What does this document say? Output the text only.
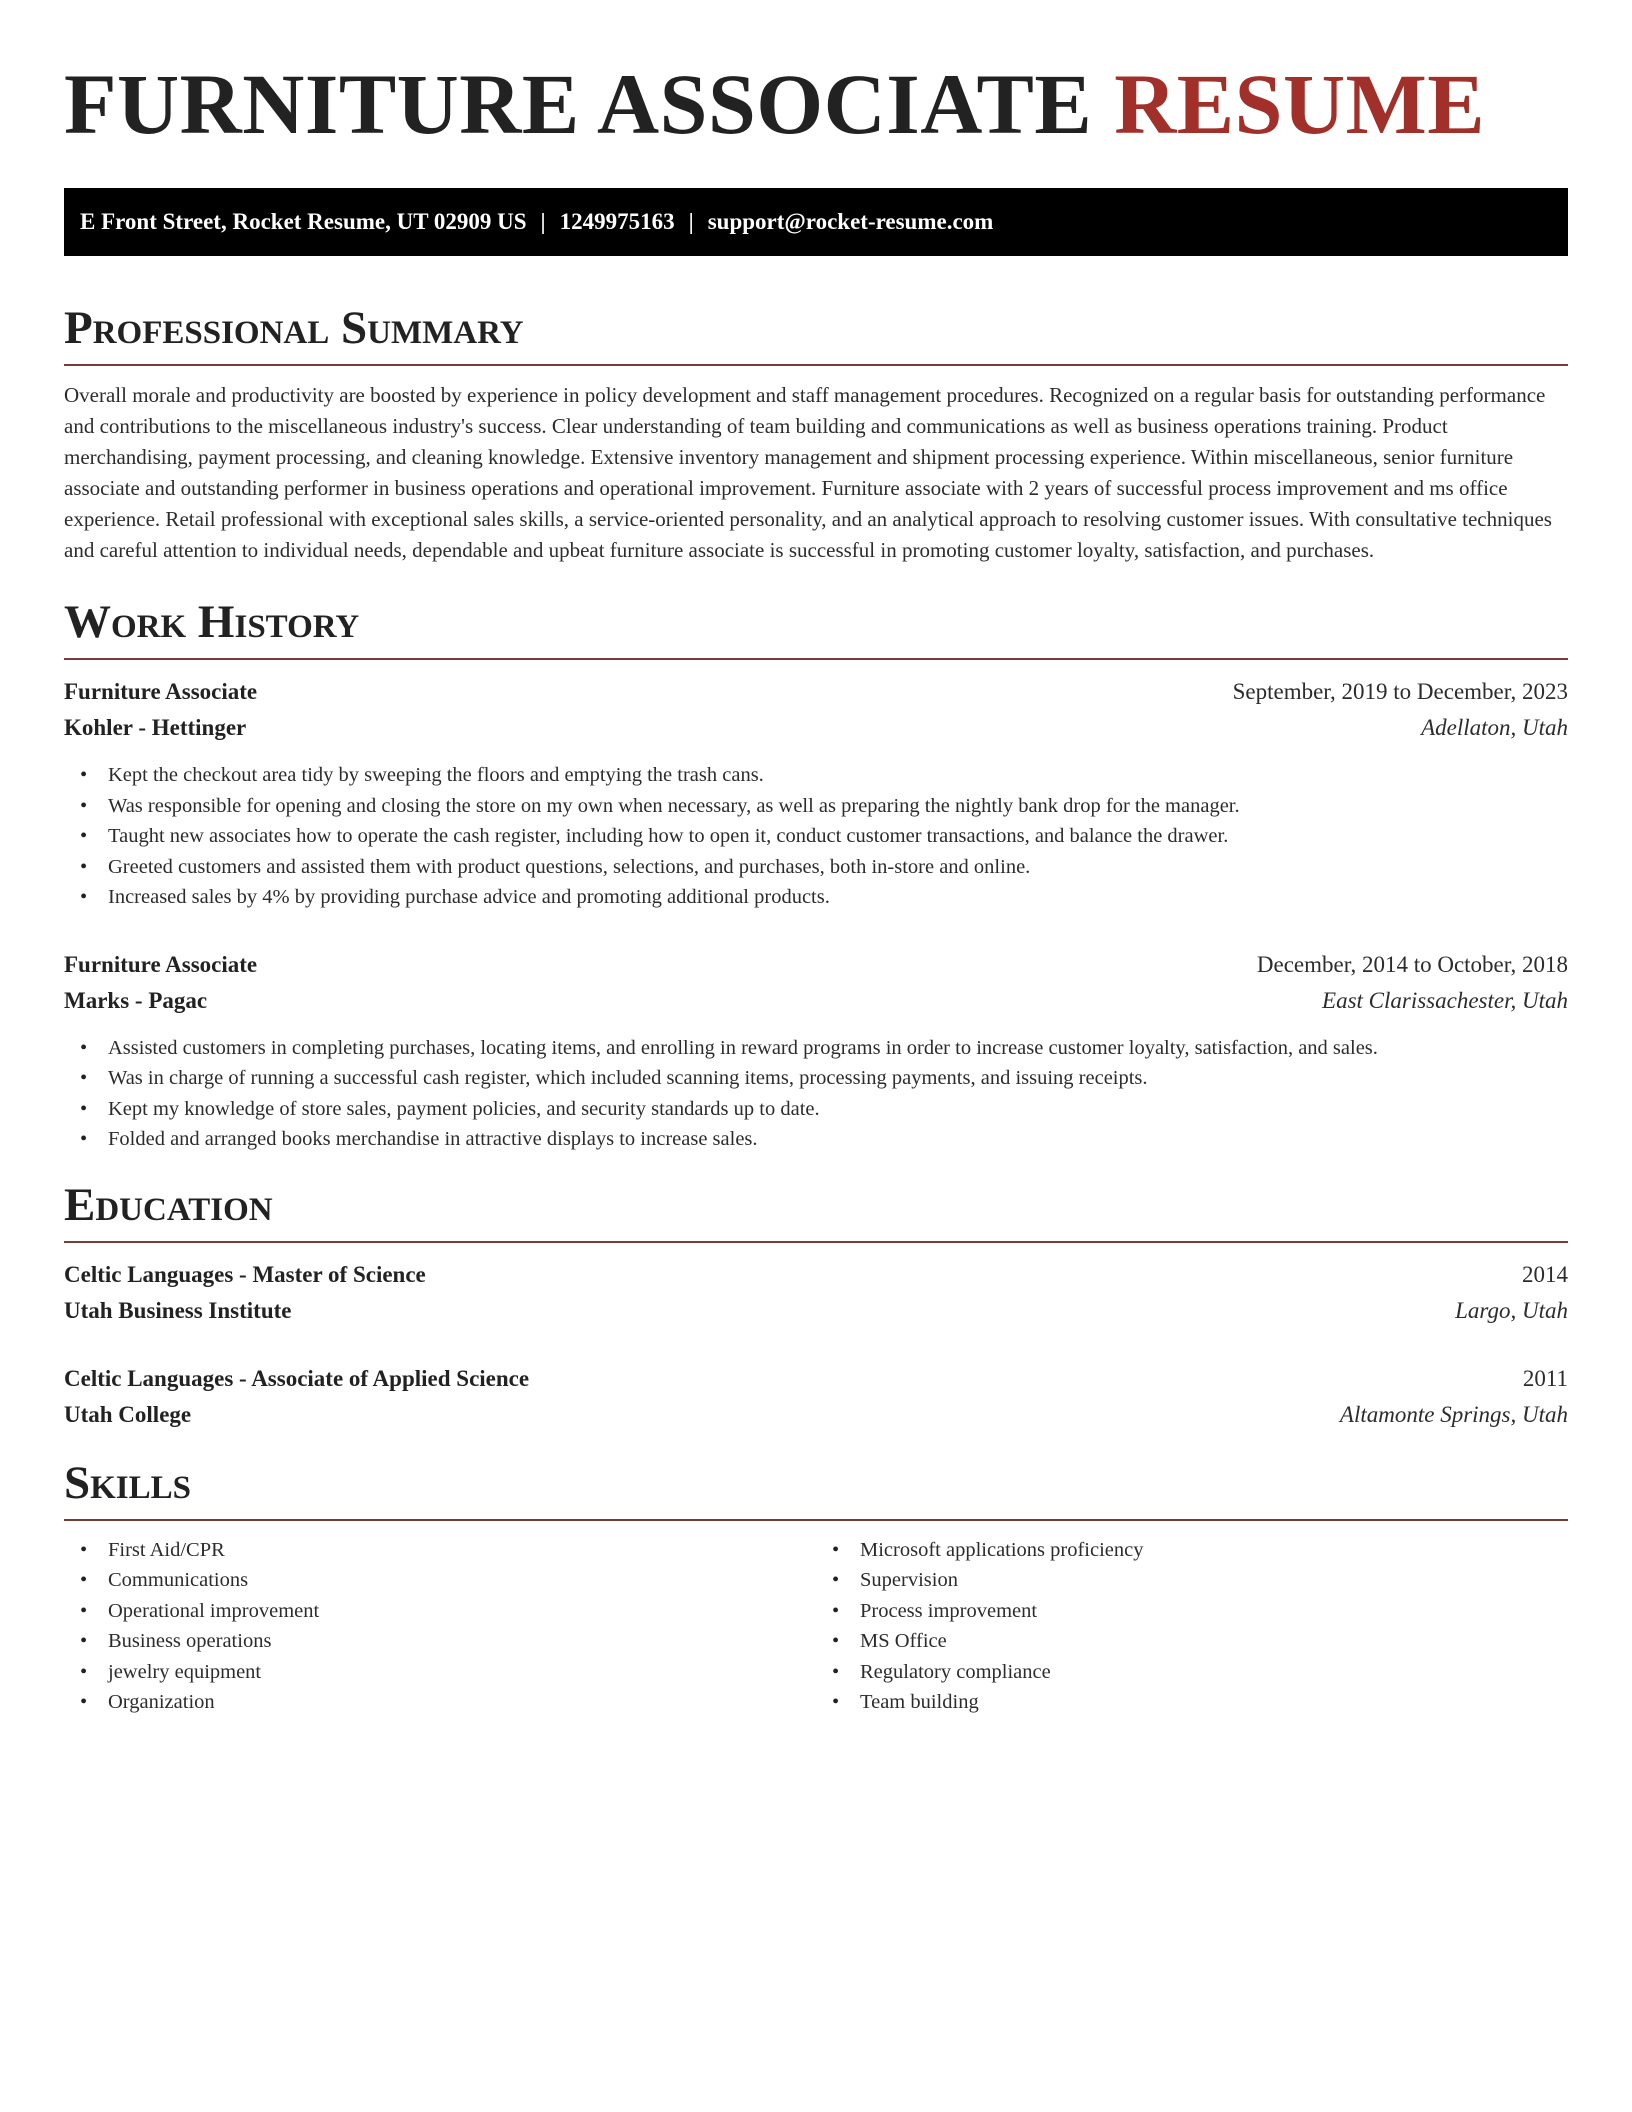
FURNITURE ASSOCIATE RESUME
E Front Street, Rocket Resume, UT 02909 US | 1249975163 | support@rocket-resume.com
Professional Summary

Overall morale and productivity are boosted by experience in policy development and staff management procedures. Recognized on a regular basis for outstanding performance and contributions to the miscellaneous industry's success. Clear understanding of team building and communications as well as business operations training. Product merchandising, payment processing, and cleaning knowledge. Extensive inventory management and shipment processing experience. Within miscellaneous, senior furniture associate and outstanding performer in business operations and operational improvement. Furniture associate with 2 years of successful process improvement and ms office experience. Retail professional with exceptional sales skills, a service-oriented personality, and an analytical approach to resolving customer issues. With consultative techniques and careful attention to individual needs, dependable and upbeat furniture associate is successful in promoting customer loyalty, satisfaction, and purchases.

Work History
Furniture Associate	September, 2019 to December, 2023
Kohler - Hettinger	Adellaton, Utah
• Kept the checkout area tidy by sweeping the floors and emptying the trash cans.
• Was responsible for opening and closing the store on my own when necessary, as well as preparing the nightly bank drop for the manager.
• Taught new associates how to operate the cash register, including how to open it, conduct customer transactions, and balance the drawer.
• Greeted customers and assisted them with product questions, selections, and purchases, both in-store and online.
• Increased sales by 4% by providing purchase advice and promoting additional products.
Furniture Associate	December, 2014 to October, 2018
Marks - Pagac	East Clarissachester, Utah
• Assisted customers in completing purchases, locating items, and enrolling in reward programs in order to increase customer loyalty, satisfaction, and sales.
• Was in charge of running a successful cash register, which included scanning items, processing payments, and issuing receipts.
• Kept my knowledge of store sales, payment policies, and security standards up to date.
• Folded and arranged books merchandise in attractive displays to increase sales.
Education
Celtic Languages - Master of Science	2014
Utah Business Institute	Largo, Utah
Celtic Languages - Associate of Applied Science	2011
Utah College	Altamonte Springs, Utah
Skills
• First Aid/CPR
• Communications
• Operational improvement
• Business operations
• jewelry equipment
• Organization
• Microsoft applications proficiency
• Supervision
• Process improvement
• MS Office
• Regulatory compliance
• Team building
